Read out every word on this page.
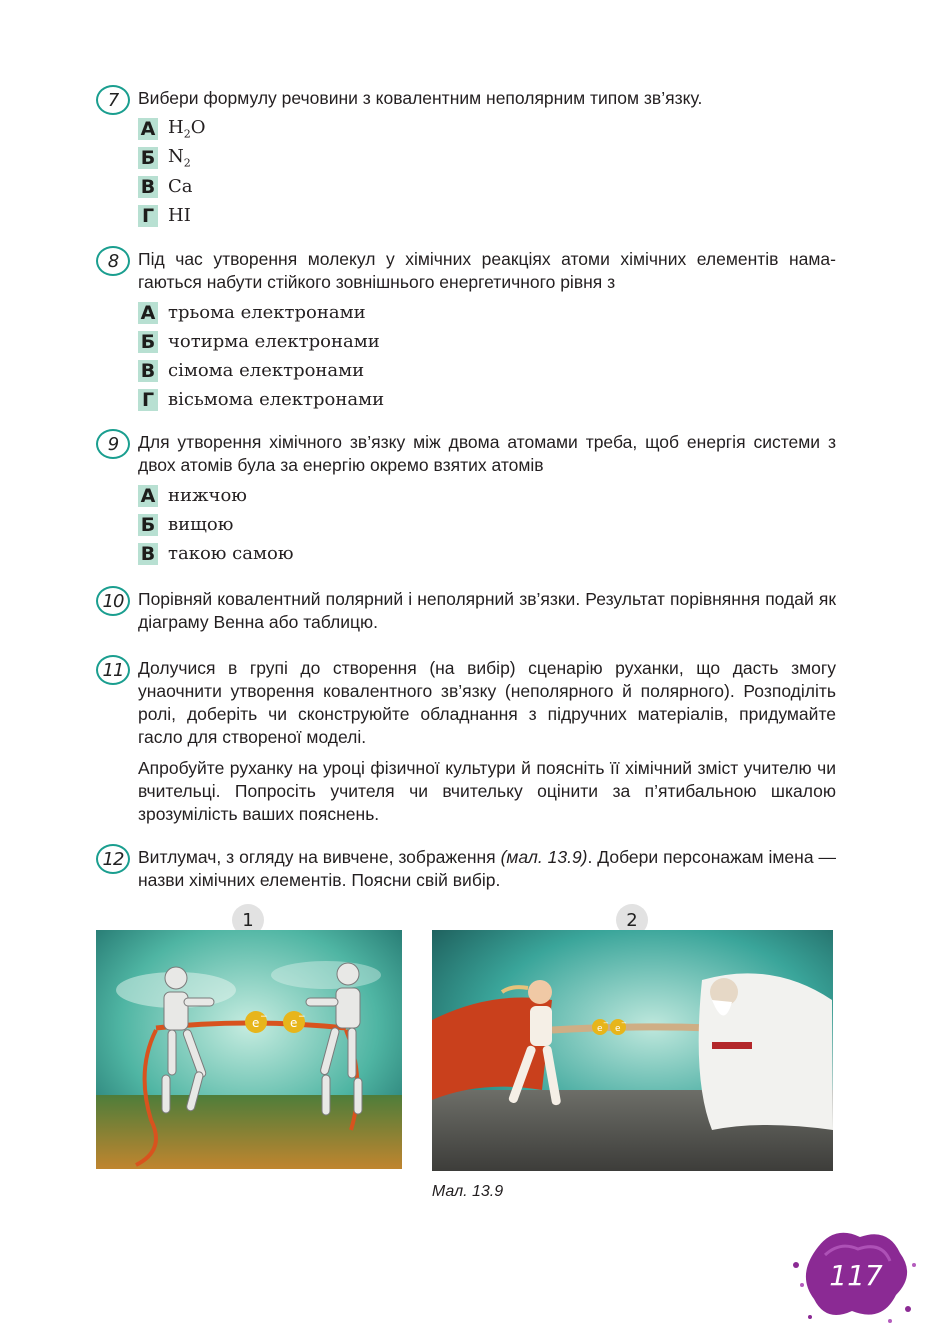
7	Вибери формулу речовини з ковалентним неполярним типом зв’язку.
А $H_2O$
Б $N_2$
В Ca
Г HI
8	Під час утворення молекул у хімічних реакціях атоми хімічних елементів намагаються набути стійкого зовнішнього енергетичного рівня з
А трьома електронами
Б чотирма електронами
В сімома електронами
Г вісьмома електронами
9	Для утворення хімічного зв’язку між двома атомами треба, щоб енергія системи з двох атомів була за енергію окремо взятих атомів
А нижчою
Б вищою
В такою самою
10 Порівняй ковалентний полярний і неполярний зв’язки. Результат порівняння подай як діаграму Венна або таблицю.
11 Долучися в групі до створення (на вибір) сценарію руханки, що дасть змогу унаочнити утворення ковалентного зв’язку (неполярного й полярного). Розподіліть ролі, доберіть чи сконструюйте обладнання з підручних матеріалів, придумайте гасло для створеної моделі.
Апробуйте руханку на уроці фізичної культури й поясніть її хімічний зміст учителю чи вчительці. Попросіть учителя чи вчительку оцінити за п’ятибальною шкалою зрозумілість ваших пояснень.
12 Витлумач, з огляду на вивчене, зображення (мал. 13.9). Добери персонажам імена — назви хімічних елементів. Поясни свій вибір.
1	2
e − e −
e
−
e
−
Мал. 13.9
117
